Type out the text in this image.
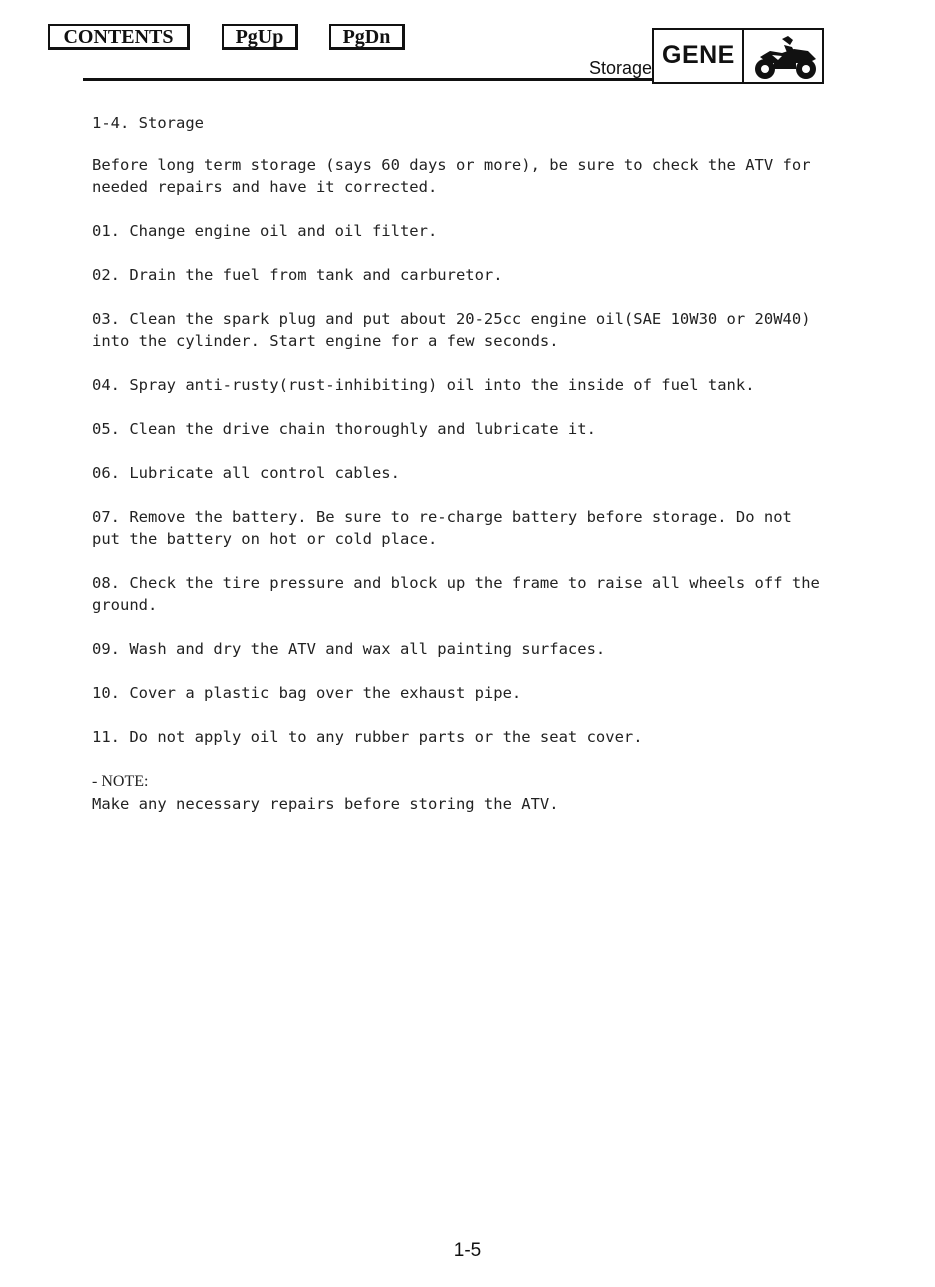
CONTENTS	PgUp	PgDn
Storage GENE

1-4. Storage

Before long term storage (says 60 days or more), be sure to check the ATV for needed repairs and have it corrected.

01. Change engine oil and oil filter.

02. Drain the fuel from tank and carburetor.

03. Clean the spark plug and put about 20-25cc engine oil(SAE 10W30 or 20W40) into the cylinder. Start engine for a few seconds.

04. Spray anti-rusty(rust-inhibiting) oil into the inside of fuel tank.

05. Clean the drive chain thoroughly and lubricate it.

06. Lubricate all control cables.

07. Remove the battery. Be sure to re-charge battery before storage. Do not put the battery on hot or cold place.

08. Check the tire pressure and block up the frame to raise all wheels off the ground.

09. Wash and dry the ATV and wax all painting surfaces.

10. Cover a plastic bag over the exhaust pipe.

11. Do not apply oil to any rubber parts or the seat cover.

- NOTE:
Make any necessary repairs before storing the ATV.

1-5
